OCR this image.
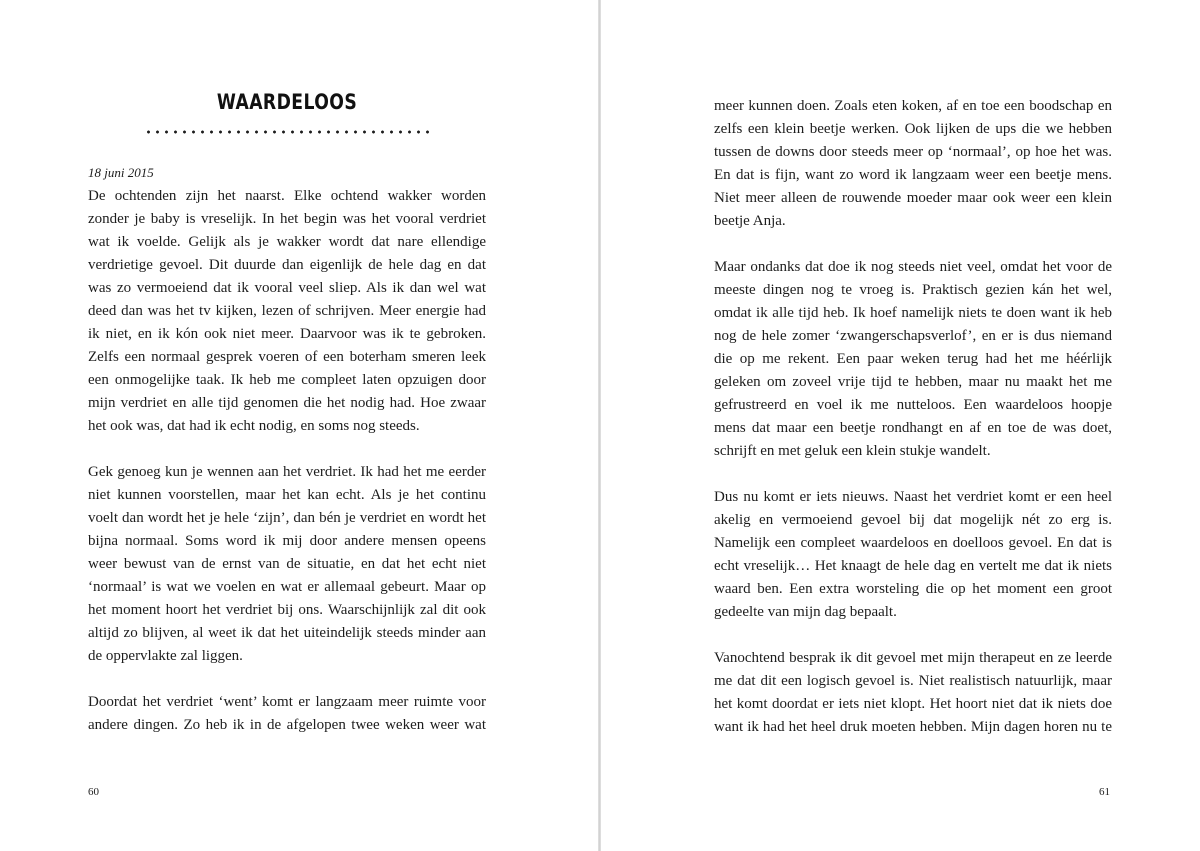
WAARDELOOS

18 juni 2015

De ochtenden zijn het naarst. Elke ochtend wakker worden zonder je baby is vreselijk. In het begin was het vooral verdriet wat ik voelde. Gelijk als je wakker wordt dat nare ellendige verdrietige gevoel. Dit duurde dan eigenlijk de hele dag en dat was zo vermoeiend dat ik vooral veel sliep. Als ik dan wel wat deed dan was het tv kijken, lezen of schrijven. Meer energie had ik niet, en ik kón ook niet meer. Daarvoor was ik te gebroken. Zelfs een normaal gesprek voeren of een boterham smeren leek een onmogelijke taak. Ik heb me compleet laten opzuigen door mijn verdriet en alle tijd genomen die het nodig had. Hoe zwaar het ook was, dat had ik echt nodig, en soms nog steeds.

Gek genoeg kun je wennen aan het verdriet. Ik had het me eerder niet kunnen voorstellen, maar het kan echt. Als je het continu voelt dan wordt het je hele ‘zijn’, dan bén je verdriet en wordt het bijna normaal. Soms word ik mij door andere mensen opeens weer bewust van de ernst van de situatie, en dat het echt niet ‘normaal’ is wat we voelen en wat er allemaal gebeurt. Maar op het moment hoort het verdriet bij ons. Waarschijnlijk zal dit ook altijd zo blijven, al weet ik dat het uiteindelijk steeds minder aan de oppervlakte zal liggen.

Doordat het verdriet ‘went’ komt er langzaam meer ruimte voor andere dingen. Zo heb ik in de afgelopen twee weken weer wat

60

meer kunnen doen. Zoals eten koken, af en toe een boodschap en zelfs een klein beetje werken. Ook lijken de ups die we hebben tussen de downs door steeds meer op ‘normaal’, op hoe het was. En dat is fijn, want zo word ik langzaam weer een beetje mens. Niet meer alleen de rouwende moeder maar ook weer een klein beetje Anja.

Maar ondanks dat doe ik nog steeds niet veel, omdat het voor de meeste dingen nog te vroeg is. Praktisch gezien kán het wel, omdat ik alle tijd heb. Ik hoef namelijk niets te doen want ik heb nog de hele zomer ‘zwangerschapsverlof’, en er is dus niemand die op me rekent. Een paar weken terug had het me héérlijk geleken om zoveel vrije tijd te hebben, maar nu maakt het me gefrustreerd en voel ik me nutteloos. Een waardeloos hoopje mens dat maar een beetje rondhangt en af en toe de was doet, schrijft en met geluk een klein stukje wandelt.

Dus nu komt er iets nieuws. Naast het verdriet komt er een heel akelig en vermoeiend gevoel bij dat mogelijk nét zo erg is. Namelijk een compleet waardeloos en doelloos gevoel. En dat is echt vreselijk… Het knaagt de hele dag en vertelt me dat ik niets waard ben. Een extra worsteling die op het moment een groot gedeelte van mijn dag bepaalt.

Vanochtend besprak ik dit gevoel met mijn therapeut en ze leerde me dat dit een logisch gevoel is. Niet realistisch natuurlijk, maar het komt doordat er iets niet klopt. Het hoort niet dat ik niets doe want ik had het heel druk moeten hebben. Mijn dagen horen nu te

61
